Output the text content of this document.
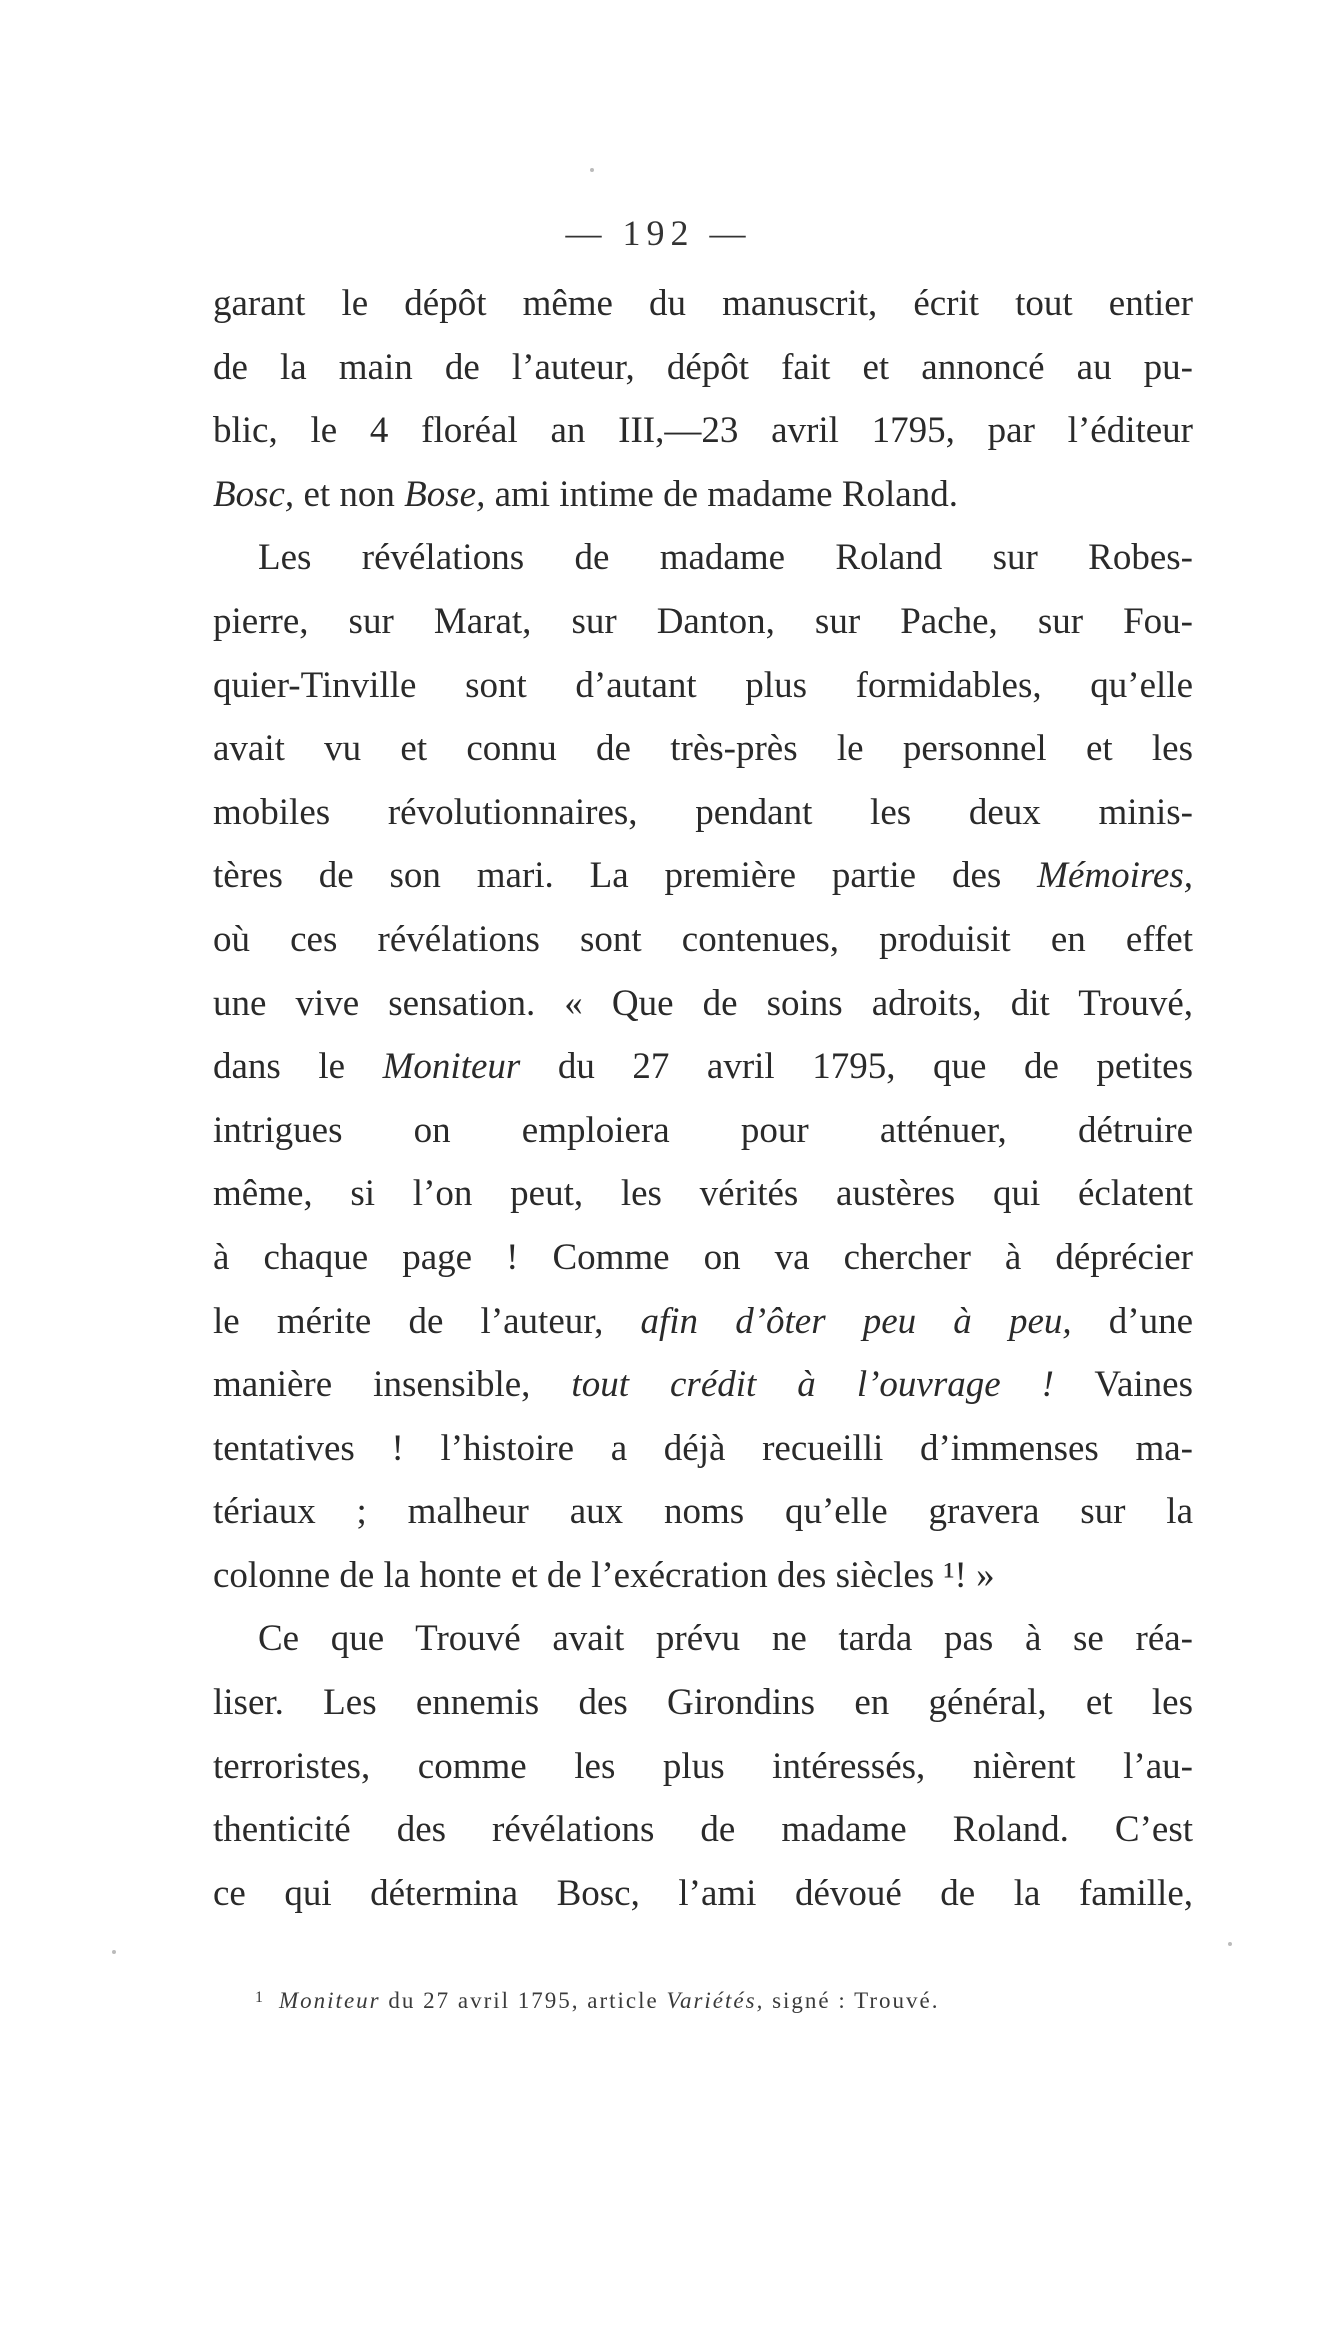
— 192 —
garant le dépôt même du manuscrit, écrit tout entier
de la main de l’auteur, dépôt fait et annoncé au pu-
blic, le 4 floréal an III,—23 avril 1795, par l’éditeur
Bosc, et non Bose, ami intime de madame Roland.
Les révélations de madame Roland sur Robes-
pierre, sur Marat, sur Danton, sur Pache, sur Fou-
quier-Tinville sont d’autant plus formidables, qu’elle
avait vu et connu de très-près le personnel et les
mobiles révolutionnaires, pendant les deux minis-
tères de son mari. La première partie des Mémoires,
où ces révélations sont contenues, produisit en effet
une vive sensation. « Que de soins adroits, dit Trouvé,
dans le Moniteur du 27 avril 1795, que de petites
intrigues on emploiera pour atténuer, détruire
même, si l’on peut, les vérités austères qui éclatent
à chaque page ! Comme on va chercher à déprécier
le mérite de l’auteur, afin d’ôter peu à peu, d’une
manière insensible, tout crédit à l’ouvrage ! Vaines
tentatives ! l’histoire a déjà recueilli d’immenses ma-
tériaux ; malheur aux noms qu’elle gravera sur la
colonne de la honte et de l’exécration des siècles ¹! »
Ce que Trouvé avait prévu ne tarda pas à se réa-
liser. Les ennemis des Girondins en général, et les
terroristes, comme les plus intéressés, nièrent l’au-
thenticité des révélations de madame Roland. C’est
ce qui détermina Bosc, l’ami dévoué de la famille,
$^1$ Moniteur du 27 avril 1795, article Variétés, signé : Trouvé.
